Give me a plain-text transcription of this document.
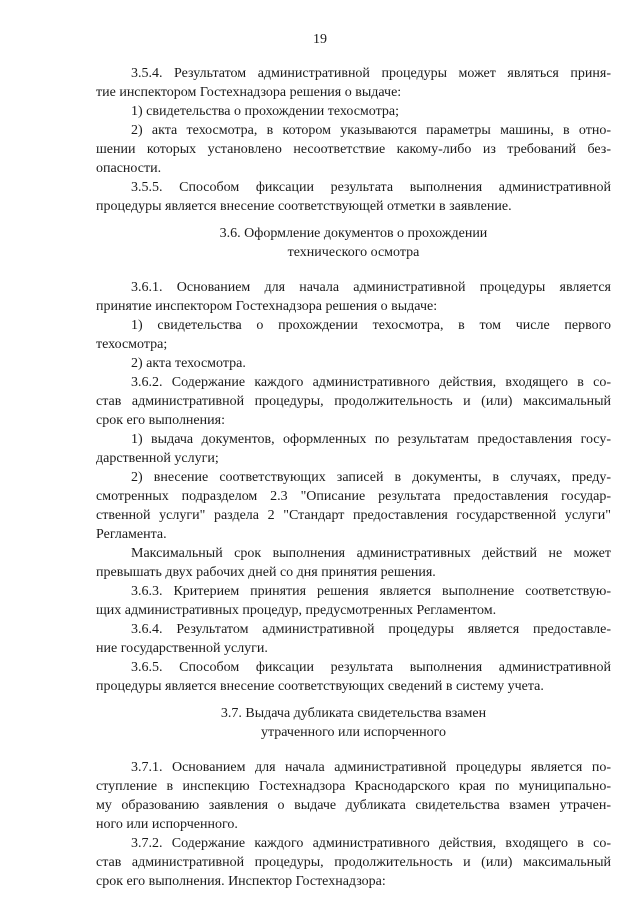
19
3.5.4. Результатом административной процедуры может являться приня-
тие инспектором Гостехнадзора решения о выдаче:
1) свидетельства о прохождении техосмотра;
2) акта техосмотра, в котором указываются параметры машины, в отно-
шении которых установлено несоответствие какому-либо из требований без-
опасности.
3.5.5. Способом фиксации результата выполнения административной
процедуры является внесение соответствующей отметки в заявление.
3.6. Оформление документов о прохождении
технического осмотра
3.6.1. Основанием для начала административной процедуры является
принятие инспектором Гостехнадзора решения о выдаче:
1) свидетельства о прохождении техосмотра, в том числе первого
техосмотра;
2) акта техосмотра.
3.6.2. Содержание каждого административного действия, входящего в со-
став административной процедуры, продолжительность и (или) максимальный
срок его выполнения:
1) выдача документов, оформленных по результатам предоставления госу-
дарственной услуги;
2) внесение соответствующих записей в документы, в случаях, преду-
смотренных подразделом 2.3 "Описание результата предоставления государ-
ственной услуги" раздела 2 "Стандарт предоставления государственной услуги"
Регламента.
Максимальный срок выполнения административных действий не может
превышать двух рабочих дней со дня принятия решения.
3.6.3. Критерием принятия решения является выполнение соответствую-
щих административных процедур, предусмотренных Регламентом.
3.6.4. Результатом административной процедуры является предоставле-
ние государственной услуги.
3.6.5. Способом фиксации результата выполнения административной
процедуры является внесение соответствующих сведений в систему учета.
3.7. Выдача дубликата свидетельства взамен
утраченного или испорченного
3.7.1. Основанием для начала административной процедуры является по-
ступление в инспекцию Гостехнадзора Краснодарского края по муниципально-
му образованию заявления о выдаче дубликата свидетельства взамен утрачен-
ного или испорченного.
3.7.2. Содержание каждого административного действия, входящего в со-
став административной процедуры, продолжительность и (или) максимальный
срок его выполнения. Инспектор Гостехнадзора:
